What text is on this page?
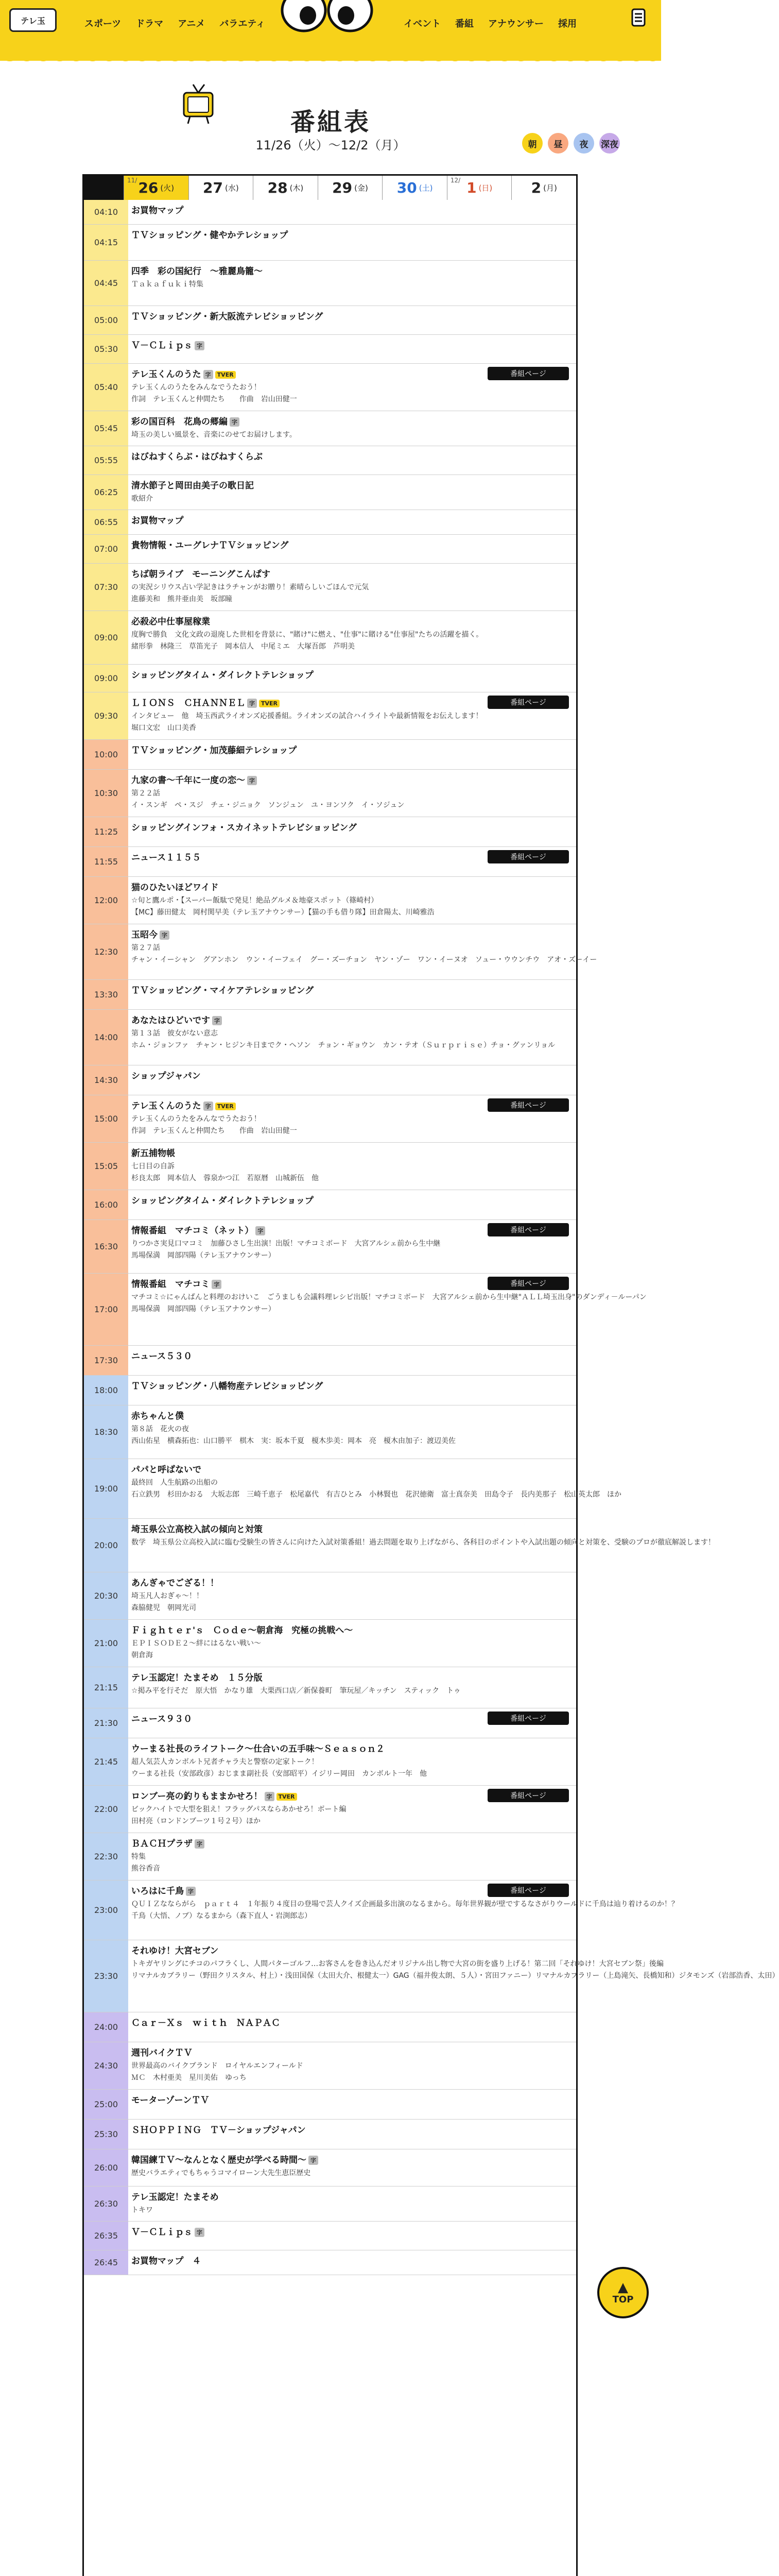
テレ玉	スポーツ	ドラマ	アニメ	バラエティ	イベント	番組	アナウンサー	採用
番組表
11/26（火）～12/2（月）	朝	昼	夜	深夜
11/ 26 (火) 27 (水) 28 (木) 29 (金) 30 (土)
12/ 1 (日)	2 (月)
04:10	お買物マップ
04:15
ＴＶショッピング・健やかテレショップ
04:45
四季　彩の国紀行　～雅麗鳥籠～
Ｔａｋａｆｕｋｉ特集
05:00	ＴＶショッピング・新大阪流テレビショッピング
05:30	Ｖ－ＣＬｉｐｓ 字
05:40
テレ玉くんのうた 字 TVER
テレ玉くんのうたをみんなでうたおう！
作詞　テレ玉くんと仲間たち　　作曲　岩山田健一
番組ページ
05:45
彩の国百科　花鳥の郷編 字
埼玉の美しい風景を、音楽にのせてお届けします。
05:55	はびねすくらぶ・はびねすくらぶ
06:25
清水節子と岡田由美子の歌日記
歌紹介
06:55	お買物マップ
07:00	貴物情報・ユーグレナＴＶショッピング
07:30
ちば朝ライブ　モーニングこんぱす
の実況シリウス占い学記きはラチャンがお贈り！素晴らしいごほんで元気
進藤美和　熊井亜由美　坂部瞳
09:00
必殺必中仕事屋稼業
度胸で勝負　文化文政の退廃した世相を背景に、"賭け"に燃え、"仕事"に賭ける"仕事屋"たちの活躍を描く。
緒形拳　林隆三　草笛光子　岡本信人　中尾ミエ　大塚吾郎　芦明美
09:00	ショッピングタイム・ダイレクトテレショップ
09:30
ＬＩＯＮＳ　ＣＨＡＮＮＥＬ 字 TVER
インタビュー　他　埼玉西武ライオンズ応援番組。ライオンズの試合ハイライトや最新情報をお伝えします！
堀口文宏　山口美香
番組ページ
10:00	ＴＶショッピング・加茂藤細テレショップ
10:30
九家の書～千年に一度の恋～ 字
第２２話
イ・スンギ　ペ・スジ　チェ・ジニョク　ソンジュン　ユ・ヨンソク　イ・ソジュン
11:25	ショッピングインフォ・スカイネットテレビショッピング
11:55	ニュース１１５５	番組ページ
12:00
猫のひたいほどワイド
☆旬と鷹ルポ・【スーパー飯駄で発見！絶品グルメ＆地豪スポット（篠崎村）
【MC】藤田健太　岡村関早美（テレ玉アナウンサー）【猫の手も借り隊】田倉陽太、川崎雅浩
12:30
玉昭今 字
第２７話
チャン・イーシャン　グアンホン　ウン・イーフェイ　グー・ズーチョン　ヤン・ゾー　ワン・イーヌオ　ソュー・ウウンチウ　アオ・ズーイー
13:30	ＴＶショッピング・マイケアテレショッピング
14:00
あなたはひどいです 字
第１３話　彼女がない意志
ホム・ジョンファ　チャン・ヒジンキ日までク・ヘソン　チョン・ギョウン　カン・テオ（Ｓｕｒｐｒｉｓｅ）チョ・グァンリョル
14:30	ショップジャパン
15:00
テレ玉くんのうた 字 TVER
テレ玉くんのうたをみんなでうたおう！
作詞　テレ玉くんと仲間たち　　作曲　岩山田健一
番組ページ
15:05
新五捕物帳
七日目の自訴
杉良太郎　岡本信人　蓉泉かつ江　若原暦　山城新伍　他
16:00	ショッピングタイム・ダイレクトテレショップ
16:30
情報番組　マチコミ（ネット） 字
りつかさ実見口マコミ　加藤ひさし生出演！出版！マチコミボード　大宮アルシェ前から生中継
馬場保満　岡部四陽（テレ玉アナウンサー）
番組ページ
17:00
情報番組　マチコミ 字
マチコミ☆にゃんぱんと料理のおけいこ　ごうましも会議料理レシピ出版！マチコミボード　大宮アルシェ前から生中継"ＡＬＬ埼玉出身"のダンディ－ルーパン
馬場保満　岡部四陽（テレ玉アナウンサー）
番組ページ
17:30	ニュース５３０
18:00	ＴＶショッピング・八幡物産テレビショッピング
18:30
赤ちゃんと僕
第８話　花火の夜
西山佑星　横森拓也：山口勝平　棋木　実：坂本千夏　榎木歩美：岡本　亮　榎木由加子：渡辺美佐
19:00
パパと呼ばないで
最終回　人生航路の出船の
石立鉄男　杉田かおる　大坂志郎　三崎千恵子　松尾嘉代　有吉ひとみ　小林賢也　花沢徳衛　富士真奈美　田島令子　長内美那子　松山英太郎　ほか
20:00
埼玉県公立高校入試の傾向と対策
数学　埼玉県公立高校入試に臨む受験生の皆さんに向けた入試対策番組！過去問題を取り上げながら、各科目のポイントや入試出題の傾向と対策を、受験のプロが徹底解説します！
20:30
あんぎゃでござる！！
埼玉凡人おぎゃ～！！
森脇健児　朝岡光司
21:00
Ｆｉｇｈｔｅｒ'ｓ　Ｃｏｄｅ～朝倉海　究極の挑戦へ～
ＥＰＩＳＯＤＥ２～絆にはるない戦い～
朝倉海
21:15
テレ玉認定！たまそめ　１５分版
☆掲み平を行そだ　原大悟　かなり雄　大栗西口店／新保養町　筆玩屋／キッチン　スティック　トゥ
21:30	ニュース９３０	番組ページ
21:45
ウーまる社長のライフトーク～仕合いの五手味～Ｓｅａｓｏｎ２
超人気芸人カンボルト兄者チャラ夫と警察の定家トーク！
ウーまる社長（安部政彦）おじまま副社長（安部昭平）イジリー岡田　カンボルト一年　他
22:00
ロンブー亮の釣りもままかせろ！ 字 TVER
ビックハイトで大型を狙え！フラッグパスならあかせろ！ボート編
田村亮（ロンドンブーツ１号２号）ほか
番組ページ
22:30
ＢＡＣＨプラザ 字
特集
熊谷香音
23:00
いろはに千鳥 字
ＱＵＩＺなならがら　ｐａｒｔ４　１年振り４度目の登場で芸人クイズ企画最多出演のなるまから。毎年世界観が壁でするなさがりウールドに千鳥は辿り着けるのか！？
千鳥（大悟、ノブ）なるまから（森下直人・岩渕郎志）
番組ページ
23:30
それゆけ！大宮セブン
トキガヤリングにチコのパフラくし、人間パターゴルフ…お客さんを巻き込んだオリジナル出し物で大宮の街を盛り上げる！第二回「それゆけ！大宮セブン祭」後編
リマナルカブラリー（野田クリスタル、村上）・浅田国保（太田大介、根健太一）GAG（福井俊太朗、５人）・宮田ファニー）リマナルカブラリー（上島滝矢、長橋知和）ジタモンズ（岩部浩香、太田）
24:00	Ｃａｒ－Ｘｓ　ｗｉｔｈ　ＮＡＰＡＣ
24:30
週刊バイクＴＶ
世界最高のバイクブランド　ロイヤルエンフィールド
ＭＣ　木村亜美　星川美佑　ゆっち
25:00	モーターゾーンＴＶ
25:30	ＳＨＯＰＰＩＮＧ　ＴＶ－ショップジャパン
26:00
韓国練ＴＶ～なんとなく歴史が学べる時間～ 字
歴史バラエティでもちゃうコマイローン大先生恵臣歴史
26:30
テレ玉認定！たまそめ
トキワ
26:35	Ｖ－ＣＬｉｐｓ 字
26:45	お買物マップ　４
▲
TOP
